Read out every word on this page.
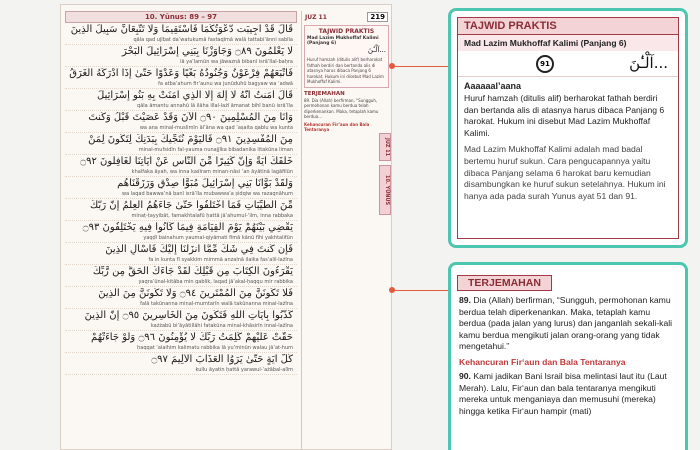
10. Yūnus: 89 – 97
قَالَ قَدْ أُجِيبَت دَّعْوَتُكُمَا فَاسْتَقِيمَا وَلَا تَتَّبِعَانِّ سَبِيلَ الَّذِينَ
qāla qad ujībat da‘watukumā fastaqīmā walā tattabi‘ānni sabīla
لَا يَعْلَمُونَ ۝٨٩ وَجَاوَزْنَا بِبَنِي إِسْرَائِيلَ الْبَحْرَ
lā ya‘lamūn wa jāwaznā bibanī isrā’īlal-baḥra
فَأَتْبَعَهُمْ فِرْعَوْنُ وَجُنُودُهُ بَغْيًا وَعَدْوًا حَتَّىٰ إِذَا أَدْرَكَهُ الْغَرَقُ
fa atba‘ahum fir‘aunu wa junūduhū bagyaw wa ‘adwā
قَالَ آمَنتُ أَنَّهُ لَا إِلَٰهَ إِلَّا الَّذِي آمَنَتْ بِهِ بَنُو إِسْرَائِيلَ
qāla āmantu annahū lā ilāha illal-lażī āmanat bihī banū isrā’īla
وَأَنَا مِنَ الْمُسْلِمِينَ ۝٩٠ آلْآنَ وَقَدْ عَصَيْتَ قَبْلُ وَكُنتَ
wa ana minal-muslimīn āl’āna wa qad ‘aṣaita qablu wa kunta
مِنَ الْمُفْسِدِينَ ۝٩١ فَالْيَوْمَ نُنَجِّيكَ بِبَدَنِكَ لِتَكُونَ لِمَنْ
minal-mufsidīn fal-yauma nunajjīka bibadanika litakūna liman
خَلْفَكَ آيَةً وَإِنَّ كَثِيرًا مِّنَ النَّاسِ عَنْ آيَاتِنَا لَغَافِلُونَ ۝٩٢
khalfaka āyah, wa inna kaṡīram minan-nāsi ‘an āyātinā lagāfilūn
وَلَقَدْ بَوَّأْنَا بَنِي إِسْرَائِيلَ مُبَوَّأَ صِدْقٍ وَرَزَقْنَاهُم
wa laqad bawwa’nā banī isrā’īla mubawwa’a ṣidqiw wa razaqnāhum
مِّنَ الطَّيِّبَاتِ فَمَا اخْتَلَفُوا حَتَّىٰ جَاءَهُمُ الْعِلْمُ إِنَّ رَبَّكَ
minaṭ-ṭayyibāt, famakhtalafū ḥattā jā’ahumul-‘ilm, inna rabbaka
يَقْضِي بَيْنَهُمْ يَوْمَ الْقِيَامَةِ فِيمَا كَانُوا فِيهِ يَخْتَلِفُونَ ۝٩٣
yaqḍī bainahum yaumal-qiyāmati fīmā kānū fīhi yakhtalifūn
فَإِن كُنتَ فِي شَكٍّ مِّمَّا أَنزَلْنَا إِلَيْكَ فَاسْأَلِ الَّذِينَ
fa in kunta fī syakkim mimmā anzalnā ilaika fas’alil-lażīna
يَقْرَءُونَ الْكِتَابَ مِن قَبْلِكَ لَقَدْ جَاءَكَ الْحَقُّ مِن رَّبِّكَ
yaqra’ūnal-kitāba min qablik, laqad jā’akal-ḥaqqu mir rabbika
فَلَا تَكُونَنَّ مِنَ الْمُمْتَرِينَ ۝٩٤ وَلَا تَكُونَنَّ مِنَ الَّذِينَ
falā takūnanna minal-mumtarīn walā takūnanna minal-lażīna
كَذَّبُوا بِآيَاتِ اللَّهِ فَتَكُونَ مِنَ الْخَاسِرِينَ ۝٩٥ إِنَّ الَّذِينَ
każżabū bi’āyātillāhi fatakūna minal-khāsirīn innal-lażīna
حَقَّتْ عَلَيْهِمْ كَلِمَتُ رَبِّكَ لَا يُؤْمِنُونَ ۝٩٦ وَلَوْ جَاءَتْهُمْ
ḥaqqat ‘alaihim kalimatu rabbika lā yu’minūn walau jā’at-hum
كُلُّ آيَةٍ حَتَّىٰ يَرَوُا الْعَذَابَ الْأَلِيمَ ۝٩٧
kullu āyatin ḥattā yarawul-‘ażābal-alīm
JUZ 11	219
TAJWID PRAKTIS
Mad Lazim Mukhoffaf Kalimi (Panjang 6)
...آلْـٰٔنَ
Huruf hamzah (ditulis alif) berharokat fathah berdiri dan bertanda alis di atasnya harus dibaca Panjang 6 harokat. Hukum ini disebut Mad Lazim Mukhoffaf Kalimi.
TERJEMAHAN
89. Dia (Allah) berfirman, “Sungguh, permohonan kamu berdua telah diperkenankan. Maka, tetaplah kamu berdua…
Kehancuran Fir‘aun dan Bala Tentaranya
JUZ 11
10. YŪNUS
TAJWID PRAKTIS
Mad Lazim Mukhoffaf Kalimi (Panjang 6)
91	...آلْـٰٔنَ
Aaaaaal’aana

Huruf hamzah (ditulis alif) berharokat fathah berdiri dan bertanda alis di atasnya harus dibaca Panjang 6 harokat. Hukum ini disebut Mad Lazim Mukhoffaf Kalimi.

Mad Lazim Mukhoffaf Kalimi adalah mad badal bertemu huruf sukun. Cara pengucapannya yaitu dibaca Panjang selama 6 harokat baru kemudian disambungkan ke huruf sukun setelahnya. Hukum ini hanya ada pada surah Yunus ayat 51 dan 91.

TERJEMAHAN

89. Dia (Allah) berfirman, “Sungguh, permohonan kamu berdua telah diperkenankan. Maka, tetaplah kamu berdua (pada jalan yang lurus) dan janganlah sekali-kali kamu berdua mengikuti jalan orang-orang yang tidak mengetahui.”

Kehancuran Fir‘aun dan Bala Tentaranya

90. Kami jadikan Bani Israil bisa melintasi laut itu (Laut Merah). Lalu, Fir‘aun dan bala tentaranya mengikuti mereka untuk menganiaya dan memusuhi (mereka) hingga ketika Fir‘aun hampir (mati)
